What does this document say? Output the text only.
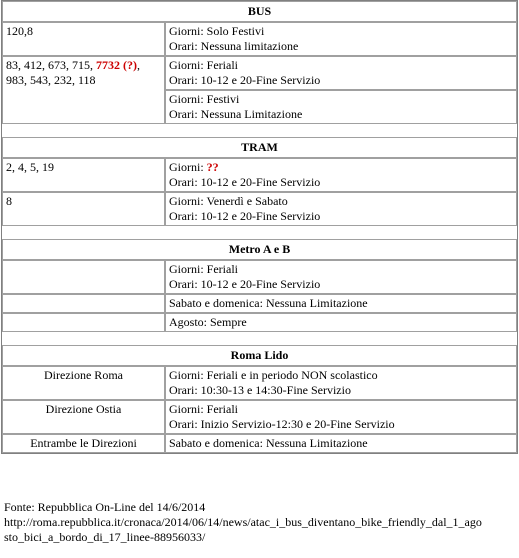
BUS	
120,8	Giorni: Solo Festivi
Orari: Nessuna limitazione

83, 412, 673, 715, 7732 (?),
983, 543, 232, 118	Giorni: Feriali
Orari: 10-12 e 20-Fine Servizio

	Giorni: Festivi
Orari: Nessuna Limitazione

TRAM	
2, 4, 5, 19	Giorni: ??
Orari: 10-12 e 20-Fine Servizio

8	Giorni: Venerdì e Sabato
Orari: 10-12 e 20-Fine Servizio

Metro A e B	

	Giorni: Feriali
Orari: 10-12 e 20-Fine Servizio

	Sabato e domenica: Nessuna Limitazione
	Agosto: Sempre

Roma Lido	
Direzione Roma	Giorni: Feriali e in periodo NON scolastico
Orari: 10:30-13 e 14:30-Fine Servizio

Direzione Ostia	Giorni: Feriali
Orari: Inizio Servizio-12:30 e 20-Fine Servizio

Entrambe le Direzioni	Sabato e domenica: Nessuna Limitazione
Fonte: Repubblica On-Line del 14/6/2014
http://roma.repubblica.it/cronaca/2014/06/14/news/atac_i_bus_diventano_bike_friendly_dal_1_ago
sto_bici_a_bordo_di_17_linee-88956033/
